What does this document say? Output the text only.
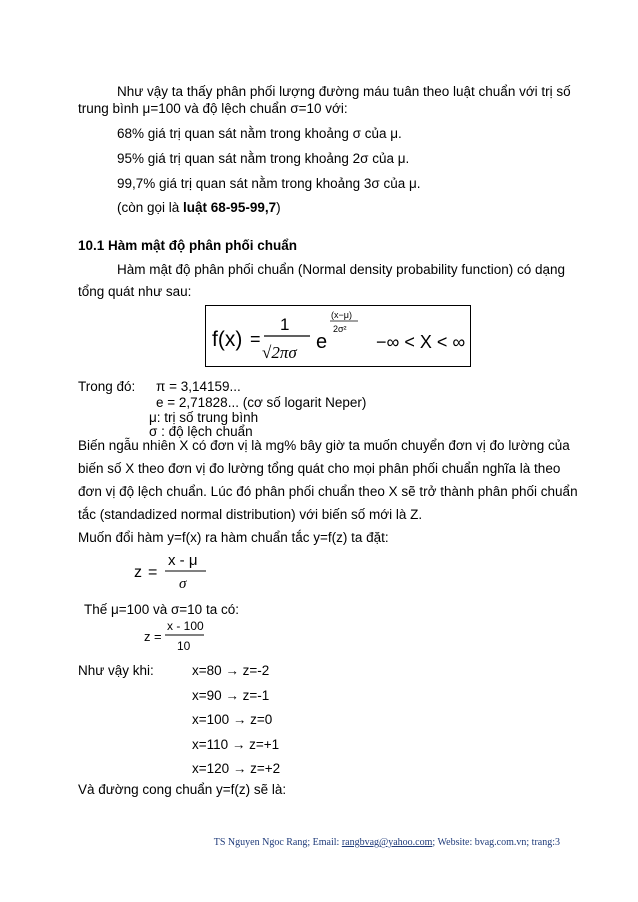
Như vậy ta thấy phân phối lượng đường máu tuân theo luật chuẩn với trị số
trung bình μ=100 và độ lệch chuẩn σ=10 với:
68% giá trị quan sát nằm trong khoảng σ của μ.
95% giá trị quan sát nằm trong khoảng 2σ của μ.
99,7% giá trị quan sát nằm trong khoảng 3σ của μ.
(còn gọi là luật 68-95-99,7)
10.1 Hàm mật độ phân phối chuẩn
Hàm mật độ phân phối chuẩn (Normal density probability function) có dạng
tổng quát như sau:
f(x) =
1
√2πσ e
(x−μ)
2σ²
−∞ < X < ∞
Trong đó: π = 3,14159...
e = 2,71828... (cơ số logarit Neper)
μ: trị số trung bình
σ : độ lệch chuẩn
Biến ngẫu nhiên X có đơn vị là mg% bây giờ ta muốn chuyển đơn vị đo lường của
biến số X theo đơn vị đo lường tổng quát cho mọi phân phối chuẩn nghĩa là theo
đơn vị độ lệch chuẩn. Lúc đó phân phối chuẩn theo X sẽ trở thành phân phối chuẩn
tắc (standadized normal distribution) với biến số mới là Z.
Muốn đổi hàm y=f(x) ra hàm chuẩn tắc y=f(z) ta đặt:
z =
x - μ
σ
Thế μ=100 và σ=10 ta có:
z =
x - 100
10
Như vậy khi:	x=80 → z=-2
x=90 → z=-1
x=100 → z=0
x=110 → z=+1
x=120 → z=+2
Và đường cong chuẩn y=f(z) sẽ là:
TS Nguyen Ngoc Rang; Email: rangbvag@yahoo.com; Website: bvag.com.vn; trang:3
